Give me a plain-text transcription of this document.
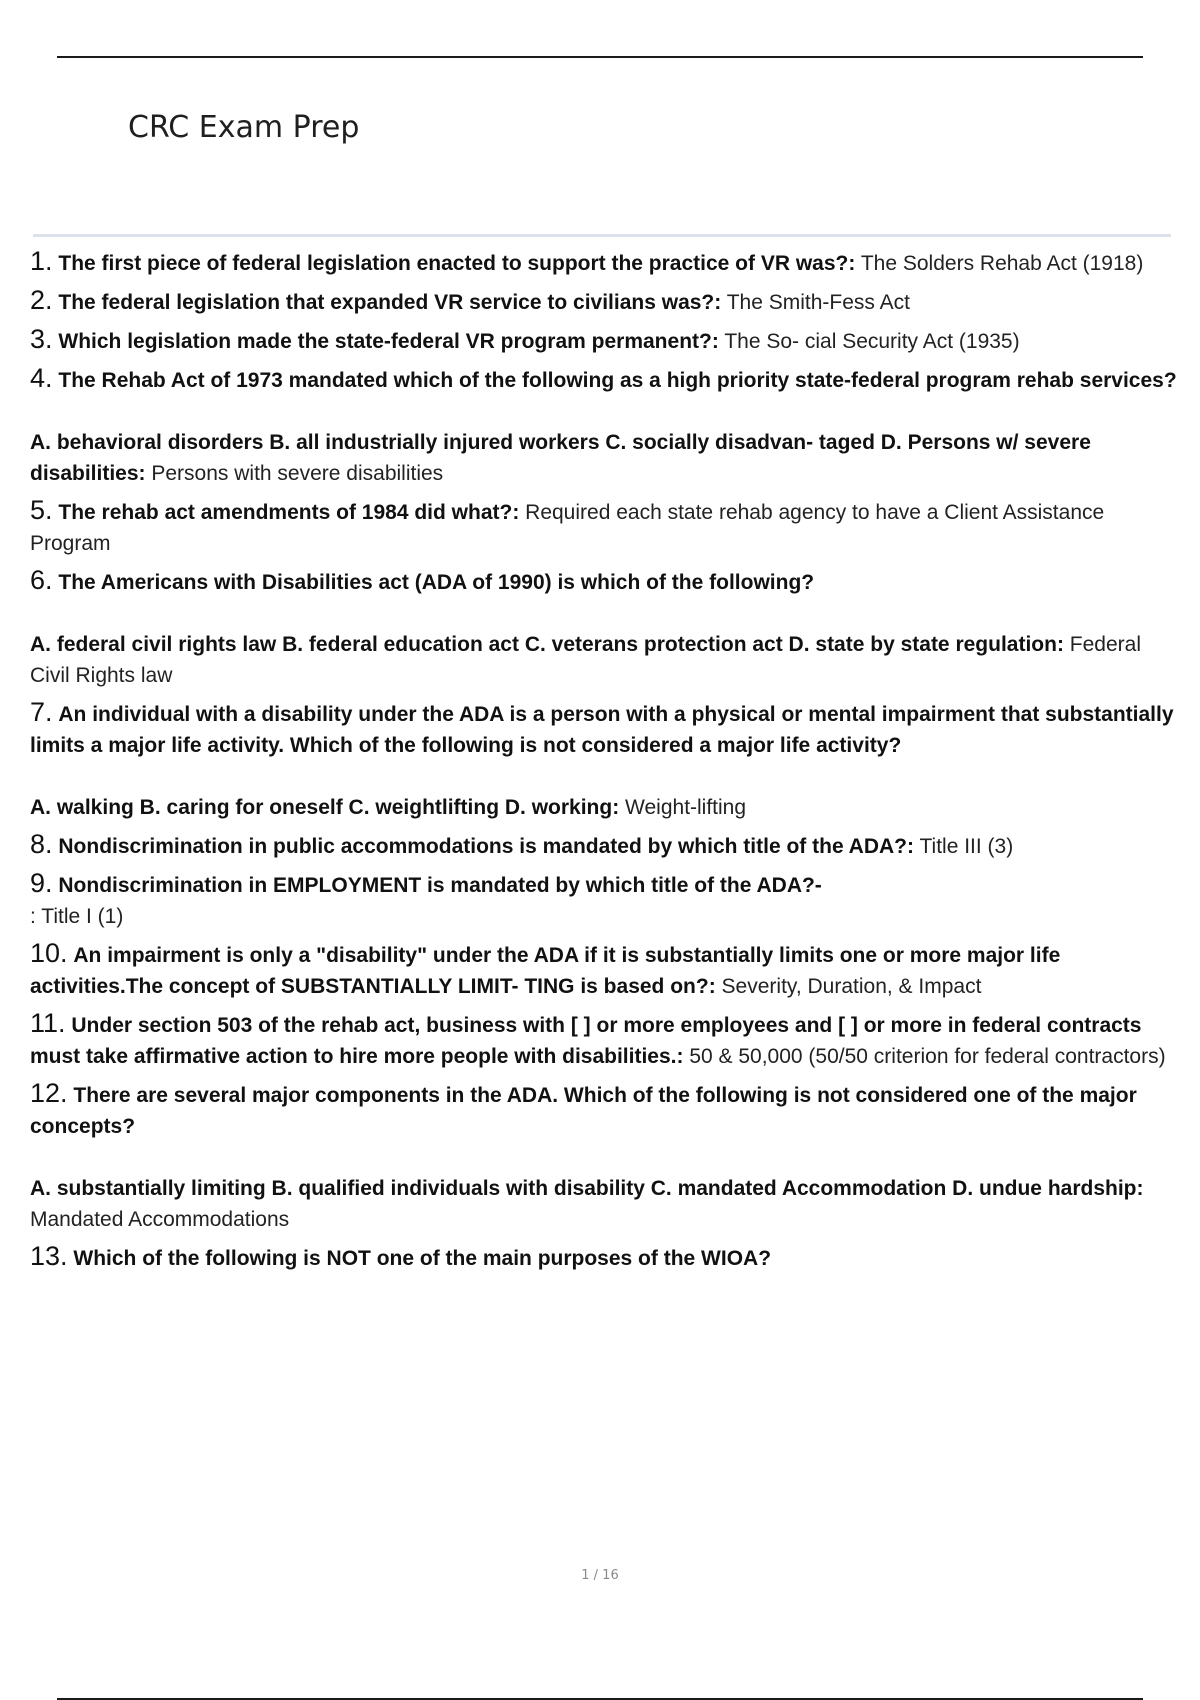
CRC Exam Prep
1. The first piece of federal legislation enacted to support the practice of VR was?: The Solders Rehab Act (1918)
2. The federal legislation that expanded VR service to civilians was?: The Smith-Fess Act
3. Which legislation made the state-federal VR program permanent?: The So- cial Security Act (1935)
4. The Rehab Act of 1973 mandated which of the following as a high priority state-federal program rehab services?
A. behavioral disorders B. all industrially injured workers C. socially disadvan- taged D. Persons w/ severe disabilities: Persons with severe disabilities
5. The rehab act amendments of 1984 did what?: Required each state rehab agency to have a Client Assistance Program
6. The Americans with Disabilities act (ADA of 1990) is which of the following?
A. federal civil rights law B. federal education act C. veterans protection act D. state by state regulation: Federal Civil Rights law
7. An individual with a disability under the ADA is a person with a physical or mental impairment that substantially limits a major life activity. Which of the following is not considered a major life activity?
A. walking B. caring for oneself C. weightlifting D. working: Weight-lifting
8. Nondiscrimination in public accommodations is mandated by which title of the ADA?: Title III (3)
9. Nondiscrimination in EMPLOYMENT is mandated by which title of the ADA?-
: Title I (1)
10. An impairment is only a "disability" under the ADA if it is substantially limits one or more major life activities.The concept of SUBSTANTIALLY LIMIT- TING is based on?: Severity, Duration, & Impact
11. Under section 503 of the rehab act, business with [ ] or more employees and [ ] or more in federal contracts must take affirmative action to hire more people with disabilities.: 50 & 50,000 (50/50 criterion for federal contractors)
12. There are several major components in the ADA. Which of the following is not considered one of the major concepts?
A. substantially limiting B. qualified individuals with disability C. mandated Accommodation D. undue hardship: Mandated Accommodations
13. Which of the following is NOT one of the main purposes of the WIOA?
1 / 16
